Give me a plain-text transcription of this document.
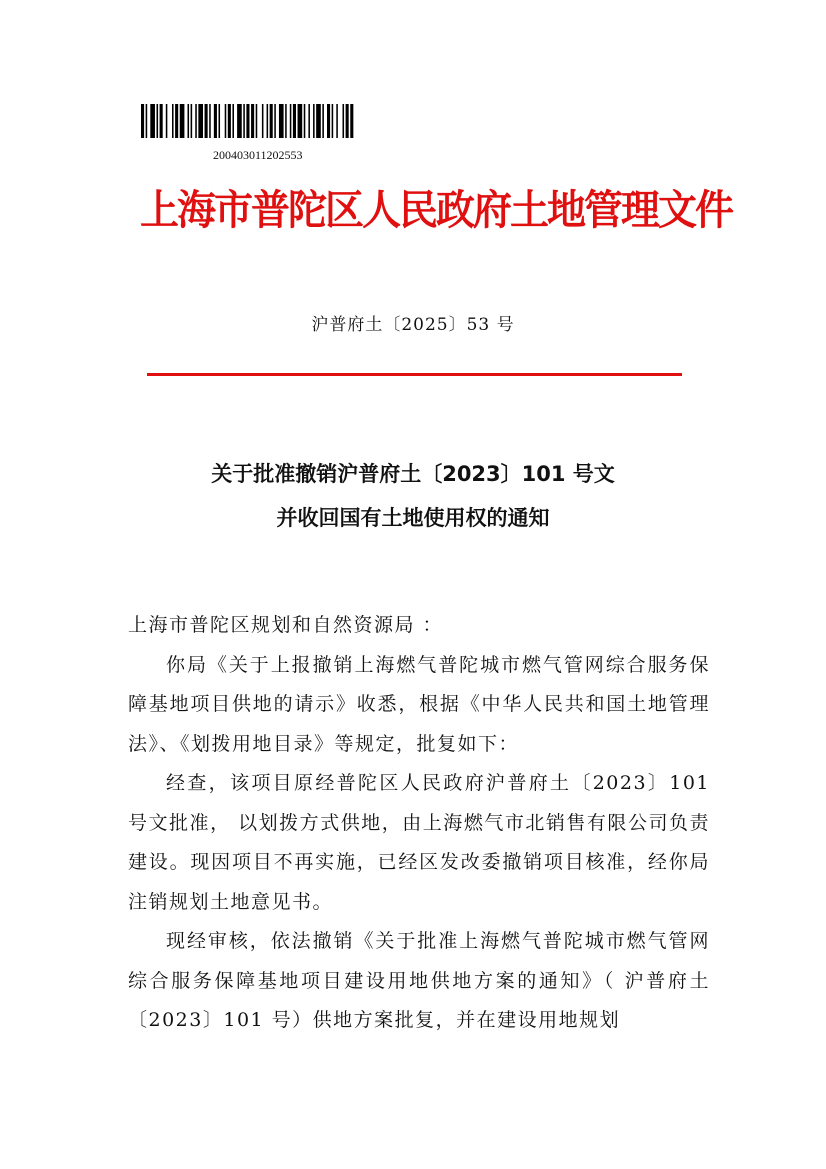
200403011202553
上海市普陀区人民政府土地管理文件
沪普府土〔2025〕53 号
关于批准撤销沪普府土〔2023〕101 号文
并收回国有土地使用权的通知

上海市普陀区规划和自然资源局 ：

你局《关于上报撤销上海燃气普陀城市燃气管网综合服务保障基地项目供地的请示》收悉，根据《中华人民共和国土地管理法》、《划拨用地目录》等规定，批复如下：

经查，该项目原经普陀区人民政府沪普府土〔2023〕101 号文批准， 以划拨方式供地，由上海燃气市北销售有限公司负责建设。现因项目不再实施，已经区发改委撤销项目核准，经你局注销规划土地意见书。

现经审核，依法撤销《关于批准上海燃气普陀城市燃气管网综合服务保障基地项目建设用地供地方案的通知》（ 沪普府土〔2023〕101 号）供地方案批复，并在建设用地规划
